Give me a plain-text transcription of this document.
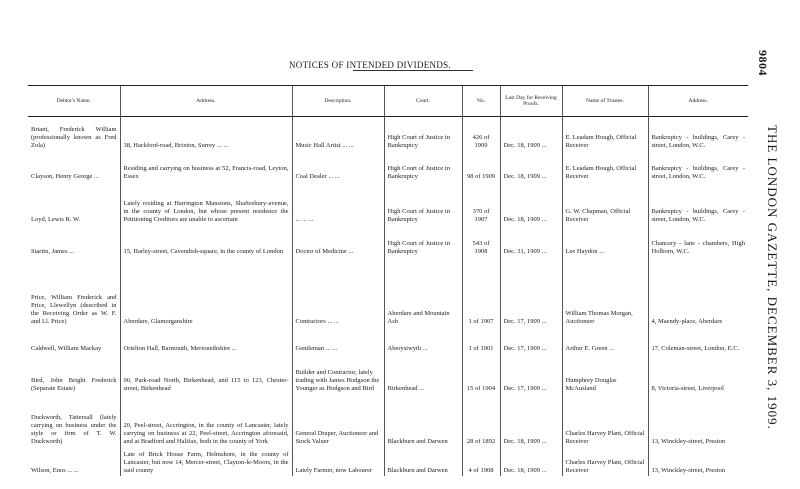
NOTICES OF INTENDED DIVIDENDS.	9804
THE LONDON GAZETTE, DECEMBER 3, 1909.
Debtor's Name.	Address.	Description.	Court.	No.	Last Day for Receiving Proofs.	Name of Trustee.	Address.

Briant, Frederick William (professionally known as Fred Zola)	38, Hackford-road, Brixton, Surrey ... ...	Music Hall Artist ... ...	High Court of Justice in Bankruptcy	426 of 1909	Dec. 18, 1909 ...	E. Leadam Hough, Official Receiver	Bankruptcy - buildings, Carey - street, London, W.C.
Clayson, Henry George ...	Residing and carrying on business at 52, Francis-road, Leyton, Essex	Coal Dealer ... ...	High Court of Justice in Bankruptcy	98 of 1909	Dec. 18, 1909 ...	E. Leadam Hough, Official Receiver	Bankruptcy - buildings, Carey - street, London, W.C.
Loyd, Lewis R. W.	Lately residing at Harrington Mansions, Shaftesbury-avenue, in the county of London, but whose present residence the Petitioning Creditors are unable to ascertain	... ... ...	High Court of Justice in Bankruptcy	370 of 1907	Dec. 18, 1909 ...	G. W. Chapman, Official Receiver	Bankruptcy - buildings, Carey - street, London, W.C.
Startin, James ...	15, Harley-street, Cavendish-square, in the county of London	Doctor of Medicine ...	High Court of Justice in Bankruptcy	543 of 1908	Dec. 31, 1909 ...	Lee Haydon ...	Chancery - lane - chambers, High Holborn, W.C.
Price, William Frederick and Price, Llewellyn (described in the Receiving Order as W. F. and Ll. Price)	Aberdare, Glamorganshire	Contractors ... ...	Aberdare and Mountain Ash	1 of 1907	Dec. 17, 1909 ...	William Thomas Morgan, Auctioneer	4, Maendy-place, Aberdare
Caldwell, William Mackay	Orielton Hall, Barmouth, Merionethshire ...	Gentleman ... ...	Aberystwyth ...	1 of 1901	Dec. 17, 1909 ...	Arthur E. Green ...	17, Coleman-street, London, E.C.
Bird, John Bright Frederick (Separate Estate)	90, Park-road North, Birkenhead, and 115 to 123, Chester-street, Birkenhead	Builder and Contractor, lately trading with James Hodgson the Younger as Hodgson and Bird	Birkenhead ...	15 of 1904	Dec. 17, 1909 ...	Humphrey Douglas McAusland	8, Victoria-street, Liverpool
Duckworth, Tattersall (lately carrying on business under the style or firm of T. W. Duckworth)	20, Peel-street, Accrington, in the county of Lancaster, lately carrying on business at 22, Peel-street, Accrington aforesaid, and at Bradford and Halifax, both in the county of York	General Draper, Auctioneer and Stock Valuer	Blackburn and Darwen	28 of 1892	Dec. 18, 1909 ...	Charles Harvey Plant, Official Receiver	13, Winckley-street, Preston
Wilson, Enos ... ...	Late of Brick House Farm, Helmshore, in the county of Lancaster, but now 14, Mercer-street, Clayton-le-Moors, in the said county	Lately Farmer, now Labourer	Blackburn and Darwen	4 of 1908	Dec. 18, 1909 ...	Charles Harvey Plant, Official Receiver	13, Winckley-street, Preston
